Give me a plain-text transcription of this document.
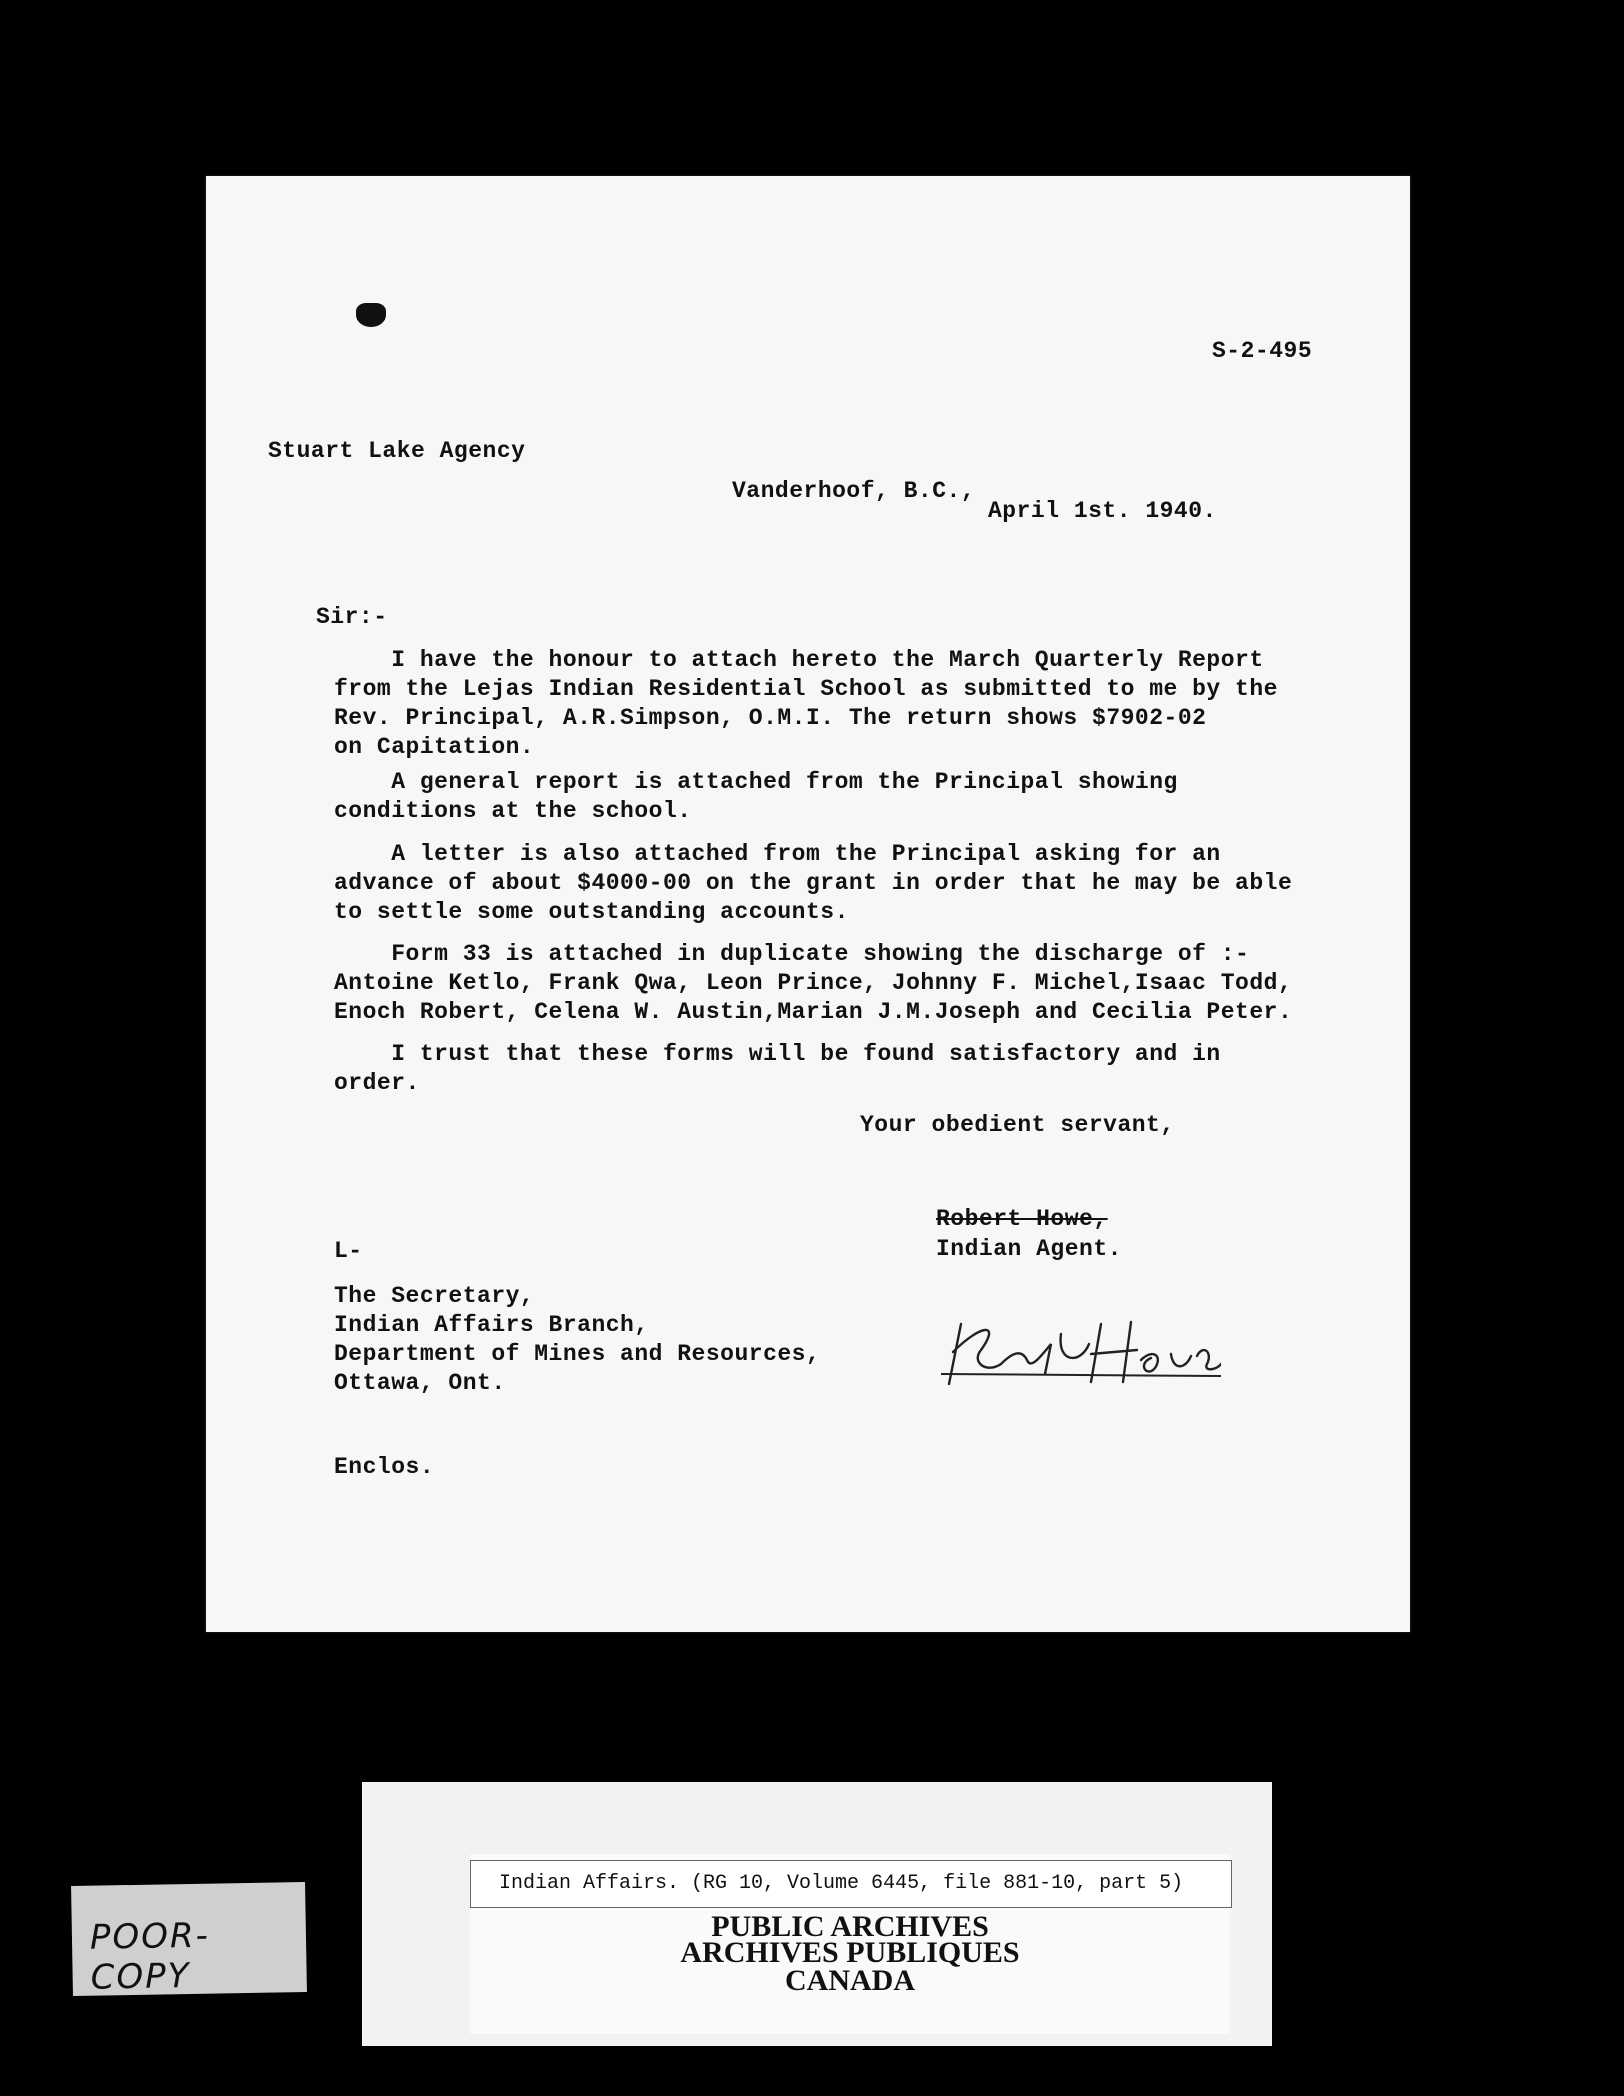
S-2-495
Stuart Lake Agency
Vanderhoof, B.C.,
April 1st. 1940.
Sir:-
I have the honour to attach hereto the March Quarterly Report
from the Lejas Indian Residential School as submitted to me by the
Rev. Principal, A.R.Simpson, O.M.I. The return shows $7902-02
on Capitation.
A general report is attached from the Principal showing
conditions at the school.
A letter is also attached from the Principal asking for an
advance of about $4000-00 on the grant in order that he may be able
to settle some outstanding accounts.
Form 33 is attached in duplicate showing the discharge of :-
Antoine Ketlo, Frank Qwa, Leon Prince, Johnny F. Michel,Isaac Todd,
Enoch Robert, Celena W. Austin,Marian J.M.Joseph and Cecilia Peter.
I trust that these forms will be found satisfactory and in
order.
Your obedient servant,
Robert Howe,
Indian Agent.
L-
The Secretary,
Indian Affairs Branch,
Department of Mines and Resources,
Ottawa, Ont.
Enclos.
Indian Affairs. (RG 10, Volume 6445, file 881-10, part 5)
PUBLIC ARCHIVES
ARCHIVES PUBLIQUES
CANADA
POOR-COPY
